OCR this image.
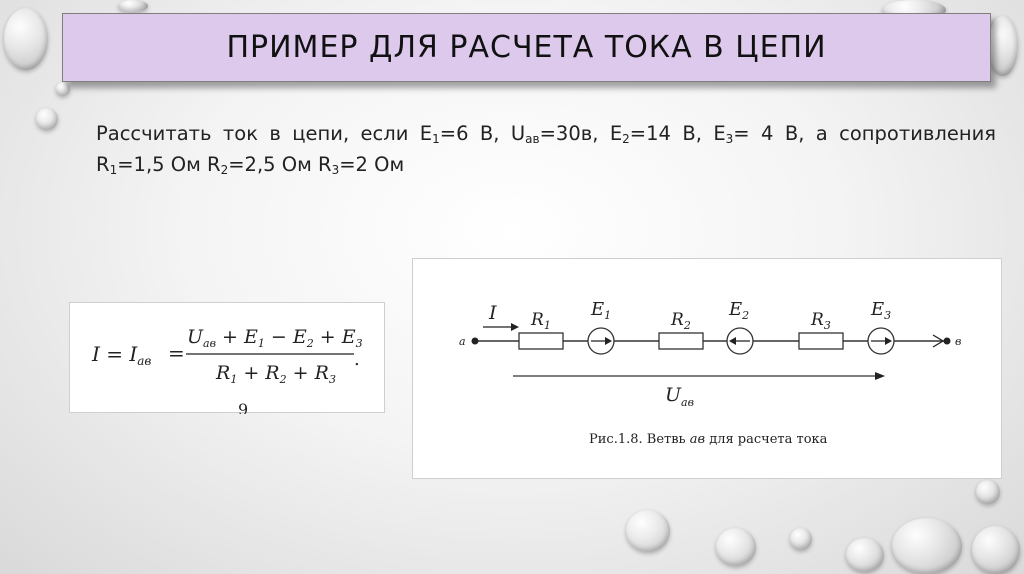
ПРИМЕР ДЛЯ РАСЧЕТА ТОКА В ЦЕПИ
Рассчитать ток в цепи, если $E_1=6$ В, $U_{ав}=30в$, $E_2=14$ В, $E_3= 4$ В, а сопротивления $R_1=1,5$ Ом $R_2=2,5$ Ом $R_3=2$ Ом
$I = I_{ав}$ =
$U_{ав} + E_1 - E_2 + E_3$
$R_1 + R_2 + R_3$
.
9
а	в
I $R_1$
$E_1$	$R_2$
$E_2$	$R_3$
$E_3$
$U_{ав}$
Рис.1.8. Ветвь ав для расчета тока
